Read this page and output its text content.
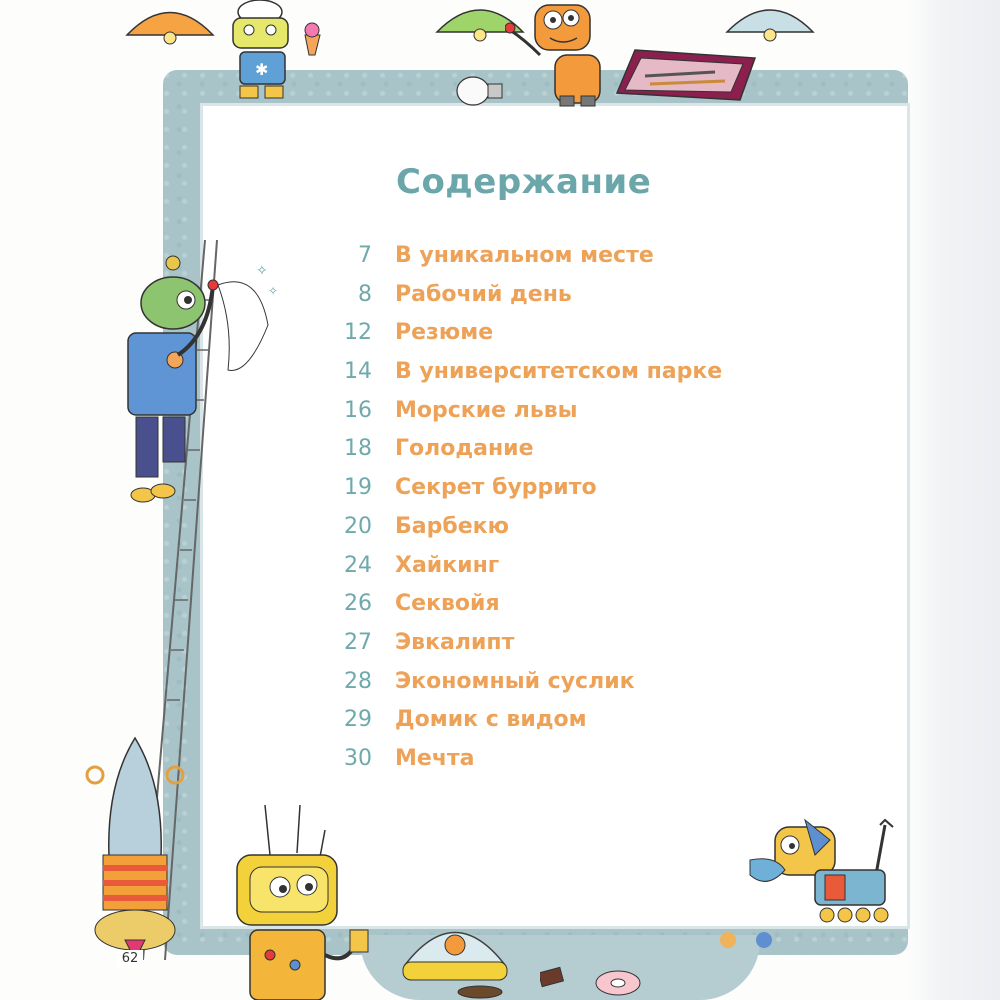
✱
✧
✧
Содержание
7 В уникальном месте
8 Рабочий день
12 Резюме
14 В университетском парке
16 Морские львы
18 Голодание
19 Секрет буррито
20 Барбекю
24 Хайкинг
26 Секвойя
27 Эвкалипт
28 Экономный суслик
29 Домик с видом
30 Мечта
62
